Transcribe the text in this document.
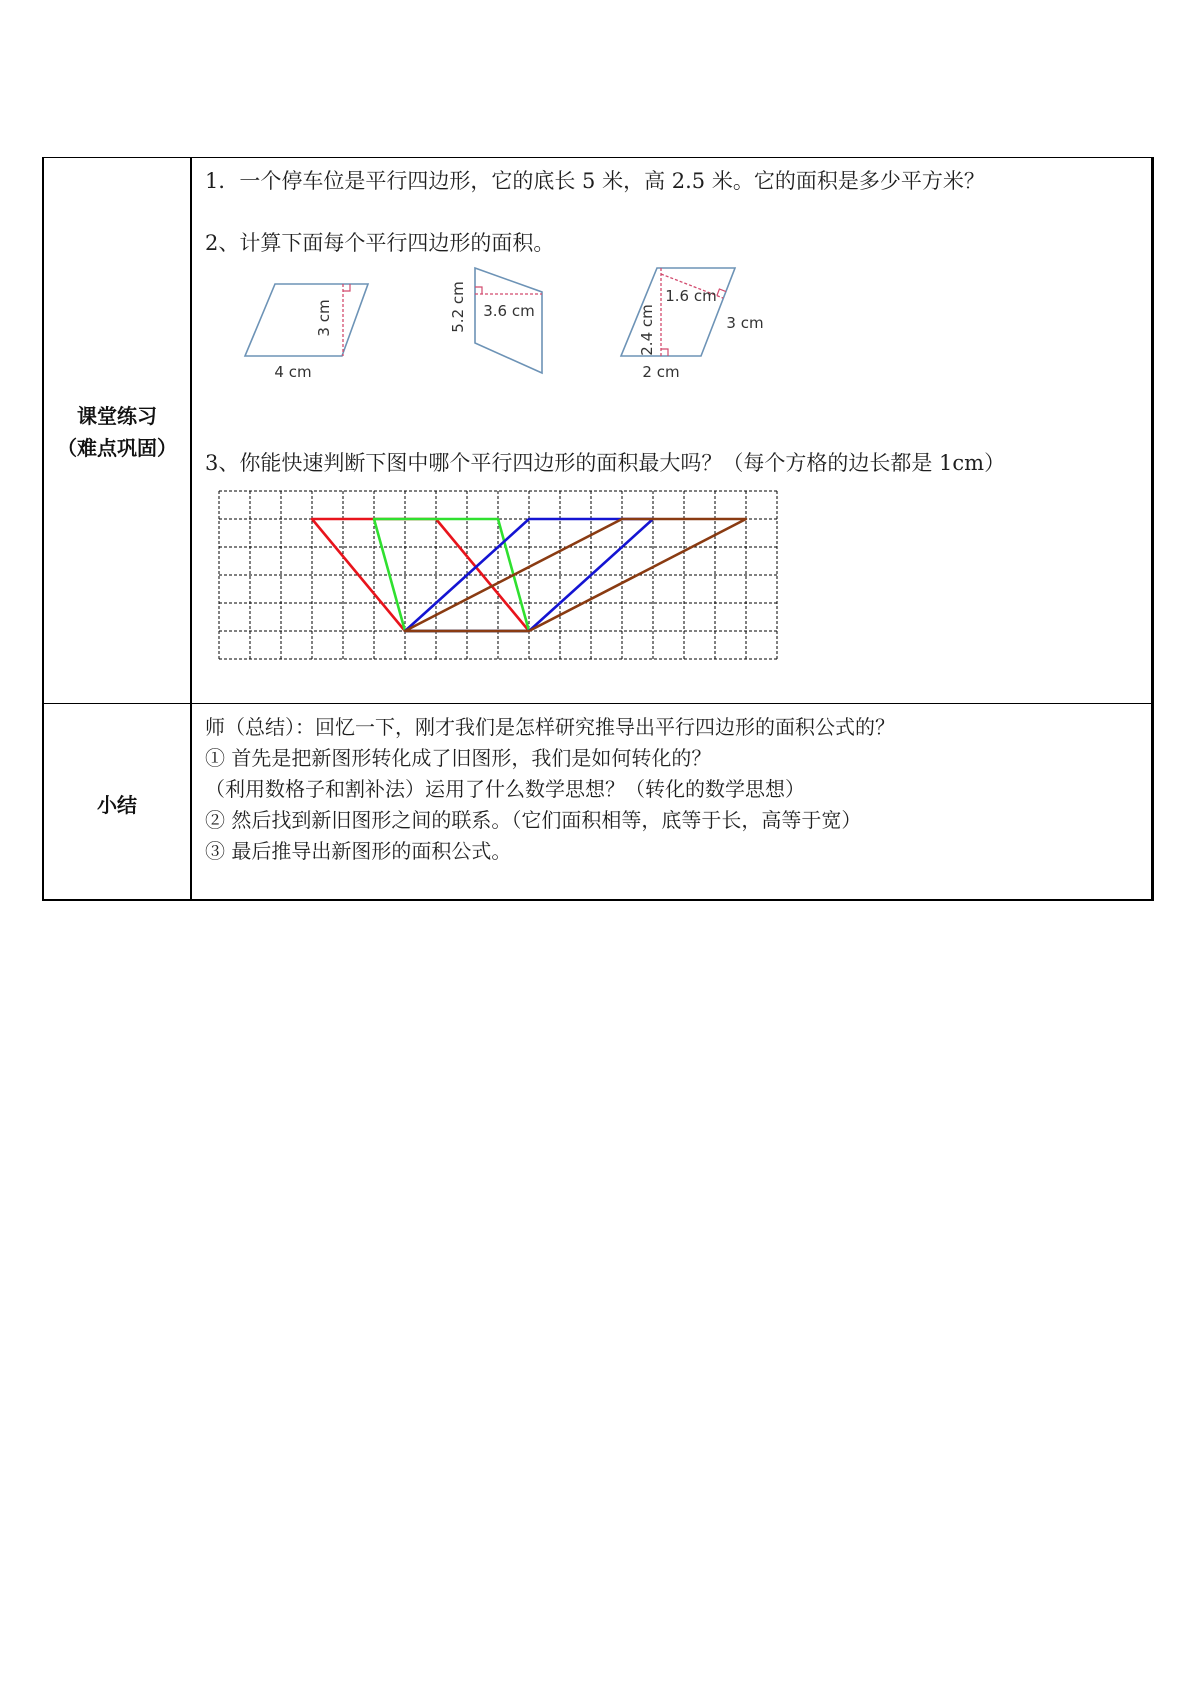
课堂练习
（难点巩固）
1．一个停车位是平行四边形，它的底长 5 米，高 2.5 米。它的面积是多少平方米？
2、计算下面每个平行四边形的面积。
3 cm
4 cm
5.2 cm 3.6 cm
1.6 cm
3 cm
2.4 cm
2 cm
3、你能快速判断下图中哪个平行四边形的面积最大吗？（每个方格的边长都是 1cm）
小结
师（总结）：回忆一下，刚才我们是怎样研究推导出平行四边形的面积公式的？
① 首先是把新图形转化成了旧图形，我们是如何转化的？
（利用数格子和割补法）运用了什么数学思想？（转化的数学思想）
② 然后找到新旧图形之间的联系。（它们面积相等，底等于长，高等于宽）
③ 最后推导出新图形的面积公式。
